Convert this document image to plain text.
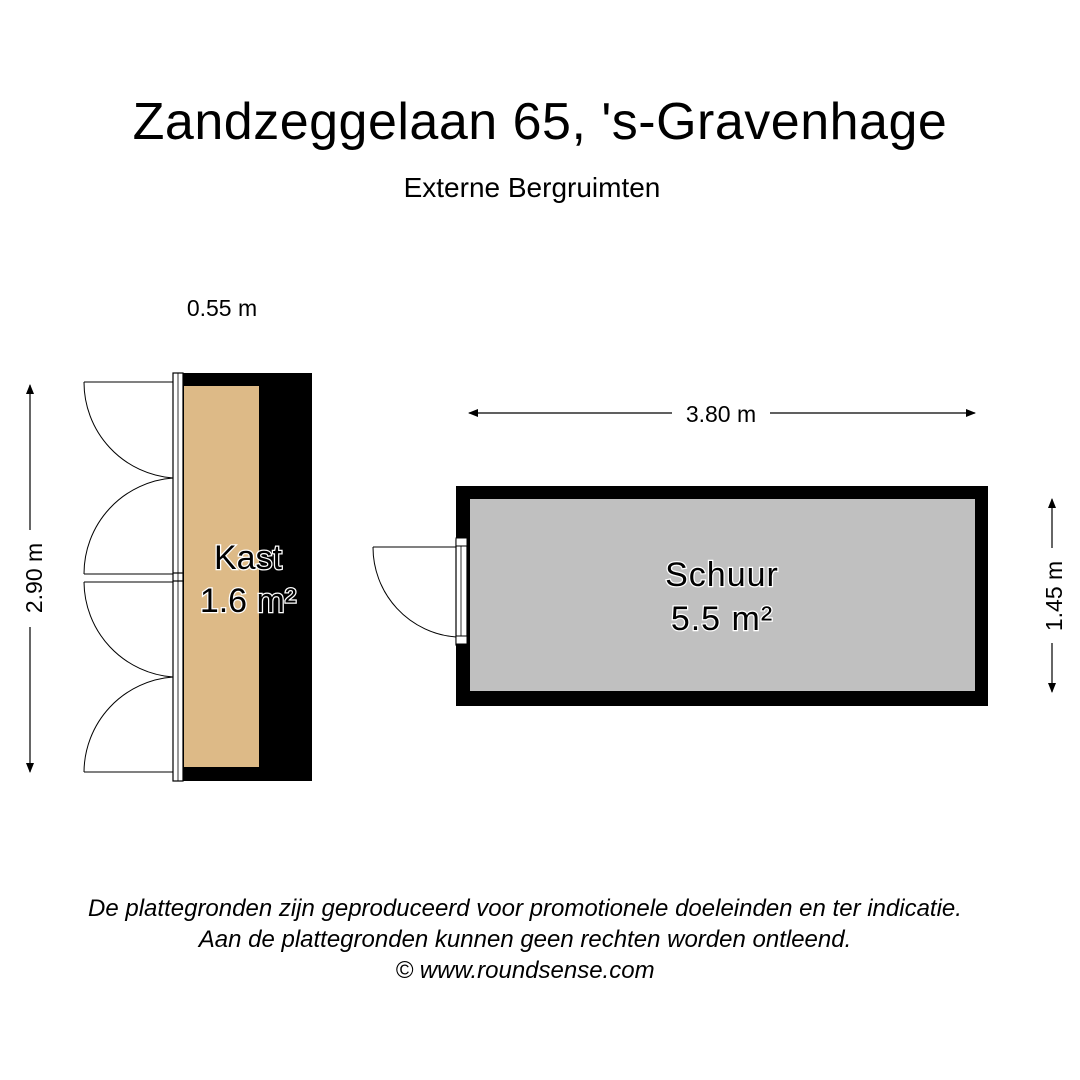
Zandzeggelaan 65, 's-Gravenhage
Externe Bergruimten
0.55 m
2.90 m
3.80 m
1.45 m
Kast
1.6 m²
Schuur
5.5 m²
De plattegronden zijn geproduceerd voor promotionele doeleinden en ter indicatie.
Aan de plattegronden kunnen geen rechten worden ontleend.
© www.roundsense.com
